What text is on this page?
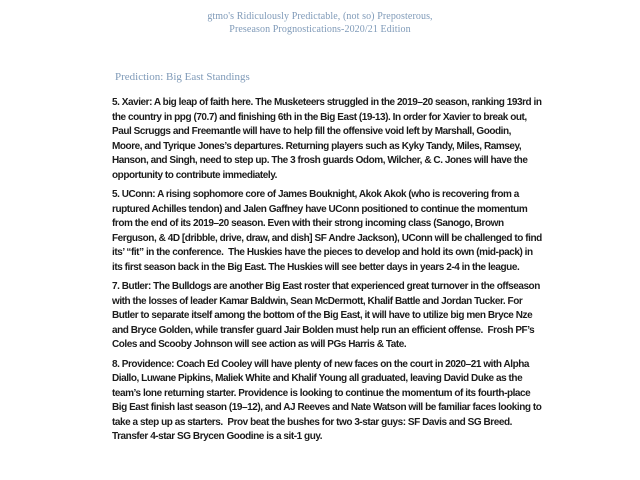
gtmo's Ridiculously Predictable, (not so) Preposterous,
Preseason Prognostications-2020/21 Edition
Prediction: Big East Standings

5. Xavier: A big leap of faith here. The Musketeers struggled in the 2019–20 season, ranking 193rd in the country in ppg (70.7) and finishing 6th in the Big East (19-13). In order for Xavier to break out, Paul Scruggs and Freemantle will have to help fill the offensive void left by Marshall, Goodin, Moore, and Tyrique Jones’s departures. Returning players such as Kyky Tandy, Miles, Ramsey, Hanson, and Singh, need to step up. The 3 frosh guards Odom, Wilcher, & C. Jones will have the opportunity to contribute immediately.

5. UConn: A rising sophomore core of James Bouknight, Akok Akok (who is recovering from a ruptured Achilles tendon) and Jalen Gaffney have UConn positioned to continue the momentum from the end of its 2019–20 season. Even with their strong incoming class (Sanogo, Brown Ferguson, & 4D [dribble, drive, draw, and dish] SF Andre Jackson), UConn will be challenged to find its’ “fit” in the conference.  The Huskies have the pieces to develop and hold its own (mid-pack) in its first season back in the Big East. The Huskies will see better days in years 2-4 in the league.

7. Butler: The Bulldogs are another Big East roster that experienced great turnover in the offseason with the losses of leader Kamar Baldwin, Sean McDermott, Khalif Battle and Jordan Tucker. For Butler to separate itself among the bottom of the Big East, it will have to utilize big men Bryce Nze and Bryce Golden, while transfer guard Jair Bolden must help run an efficient offense.  Frosh PF’s Coles and Scooby Johnson will see action as will PGs Harris & Tate.

8. Providence: Coach Ed Cooley will have plenty of new faces on the court in 2020–21 with Alpha Diallo, Luwane Pipkins, Maliek White and Khalif Young all graduated, leaving David Duke as the team’s lone returning starter. Providence is looking to continue the momentum of its fourth-place Big East finish last season (19–12), and AJ Reeves and Nate Watson will be familiar faces looking to take a step up as starters.  Prov beat the bushes for two 3-star guys: SF Davis and SG Breed.  Transfer 4-star SG Brycen Goodine is a sit-1 guy.
